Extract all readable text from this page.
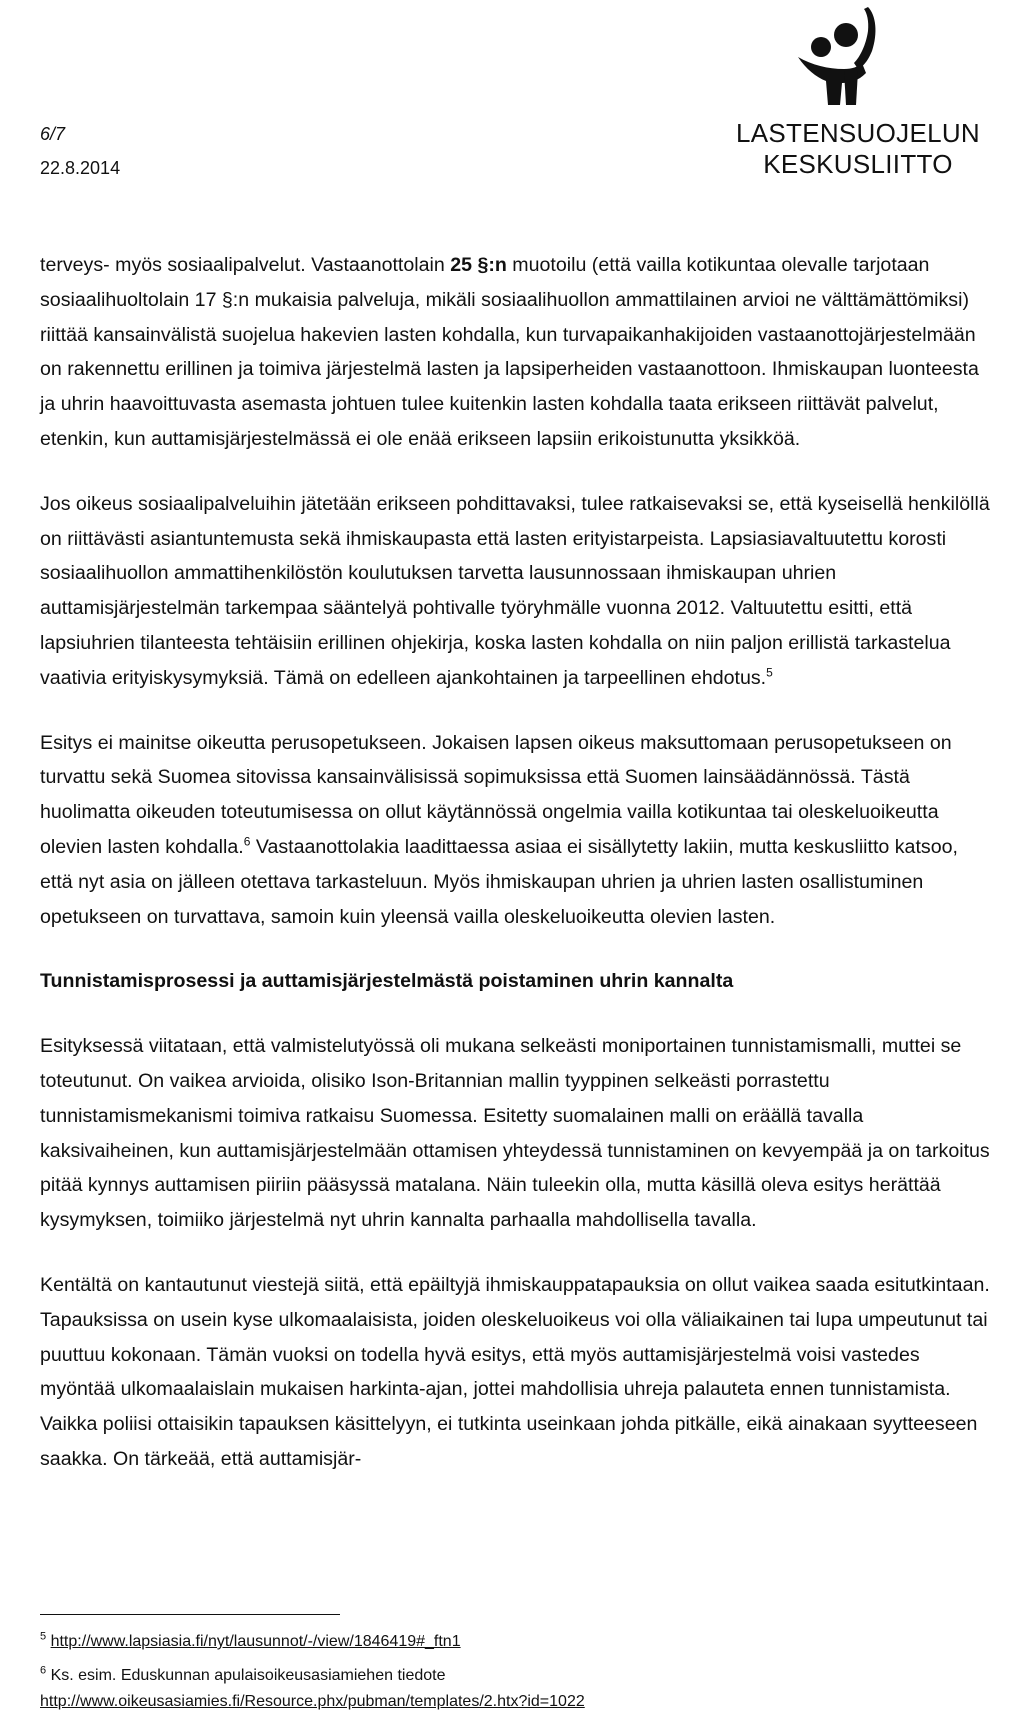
6/7
22.8.2014
LASTENSUOJELUN
KESKUSLIITTO

terveys- myös sosiaalipalvelut. Vastaanottolain 25 §:n muotoilu (että vailla kotikuntaa olevalle tarjotaan sosiaalihuoltolain 17 §:n mukaisia palveluja, mikäli sosiaalihuollon ammattilainen arvioi ne välttämättömiksi) riittää kansainvälistä suojelua hakevien lasten kohdalla, kun turvapaikanhakijoiden vastaanottojärjestelmään on rakennettu erillinen ja toimiva järjestelmä lasten ja lapsiperheiden vastaanottoon. Ihmiskaupan luonteesta ja uhrin haavoittuvasta asemasta johtuen tulee kuitenkin lasten kohdalla taata erikseen riittävät palvelut, etenkin, kun auttamisjärjestelmässä ei ole enää erikseen lapsiin erikoistunutta yksikköä.

Jos oikeus sosiaalipalveluihin jätetään erikseen pohdittavaksi, tulee ratkaisevaksi se, että kyseisellä henkilöllä on riittävästi asiantuntemusta sekä ihmiskaupasta että lasten erityistarpeista. Lapsiasiavaltuutettu korosti sosiaalihuollon ammattihenkilöstön koulutuksen tarvetta lausunnossaan ihmiskaupan uhrien auttamisjärjestelmän tarkempaa sääntelyä pohtivalle työryhmälle vuonna 2012. Valtuutettu esitti, että lapsiuhrien tilanteesta tehtäisiin erillinen ohjekirja, koska lasten kohdalla on niin paljon erillistä tarkastelua vaativia erityiskysymyksiä. Tämä on edelleen ajankohtainen ja tarpeellinen ehdotus.$^5$

Esitys ei mainitse oikeutta perusopetukseen. Jokaisen lapsen oikeus maksuttomaan perusopetukseen on turvattu sekä Suomea sitovissa kansainvälisissä sopimuksissa että Suomen lainsäädännössä. Tästä huolimatta oikeuden toteutumisessa on ollut käytännössä ongelmia vailla kotikuntaa tai oleskeluoikeutta olevien lasten kohdalla.$^6$ Vastaanottolakia laadittaessa asiaa ei sisällytetty lakiin, mutta keskusliitto katsoo, että nyt asia on jälleen otettava tarkasteluun. Myös ihmiskaupan uhrien ja uhrien lasten osallistuminen opetukseen on turvattava, samoin kuin yleensä vailla oleskeluoikeutta olevien lasten.

Tunnistamisprosessi ja auttamisjärjestelmästä poistaminen uhrin kannalta

Esityksessä viitataan, että valmistelutyössä oli mukana selkeästi moniportainen tunnistamismalli, muttei se toteutunut. On vaikea arvioida, olisiko Ison-Britannian mallin tyyppinen selkeästi porrastettu tunnistamismekanismi toimiva ratkaisu Suomessa. Esitetty suomalainen malli on eräällä tavalla kaksivaiheinen, kun auttamisjärjestelmään ottamisen yhteydessä tunnistaminen on kevyempää ja on tarkoitus pitää kynnys auttamisen piiriin pääsyssä matalana. Näin tuleekin olla, mutta käsillä oleva esitys herättää kysymyksen, toimiiko järjestelmä nyt uhrin kannalta parhaalla mahdollisella tavalla.

Kentältä on kantautunut viestejä siitä, että epäiltyjä ihmiskauppatapauksia on ollut vaikea saada esitutkintaan. Tapauksissa on usein kyse ulkomaalaisista, joiden oleskeluoikeus voi olla väliaikainen tai lupa umpeutunut tai puuttuu kokonaan. Tämän vuoksi on todella hyvä esitys, että myös auttamisjärjestelmä voisi vastedes myöntää ulkomaalaislain mukaisen harkinta-ajan, jottei mahdollisia uhreja palauteta ennen tunnistamista. Vaikka poliisi ottaisikin tapauksen käsittelyyn, ei tutkinta useinkaan johda pitkälle, eikä ainakaan syytteeseen saakka. On tärkeää, että auttamisjär-

$^5$ http://www.lapsiasia.fi/nyt/lausunnot/-/view/1846419#_ftn1
$^6$ Ks. esim. Eduskunnan apulaisoikeusasiamiehen tiedote
http://www.oikeusasiamies.fi/Resource.phx/pubman/templates/2.htx?id=1022
